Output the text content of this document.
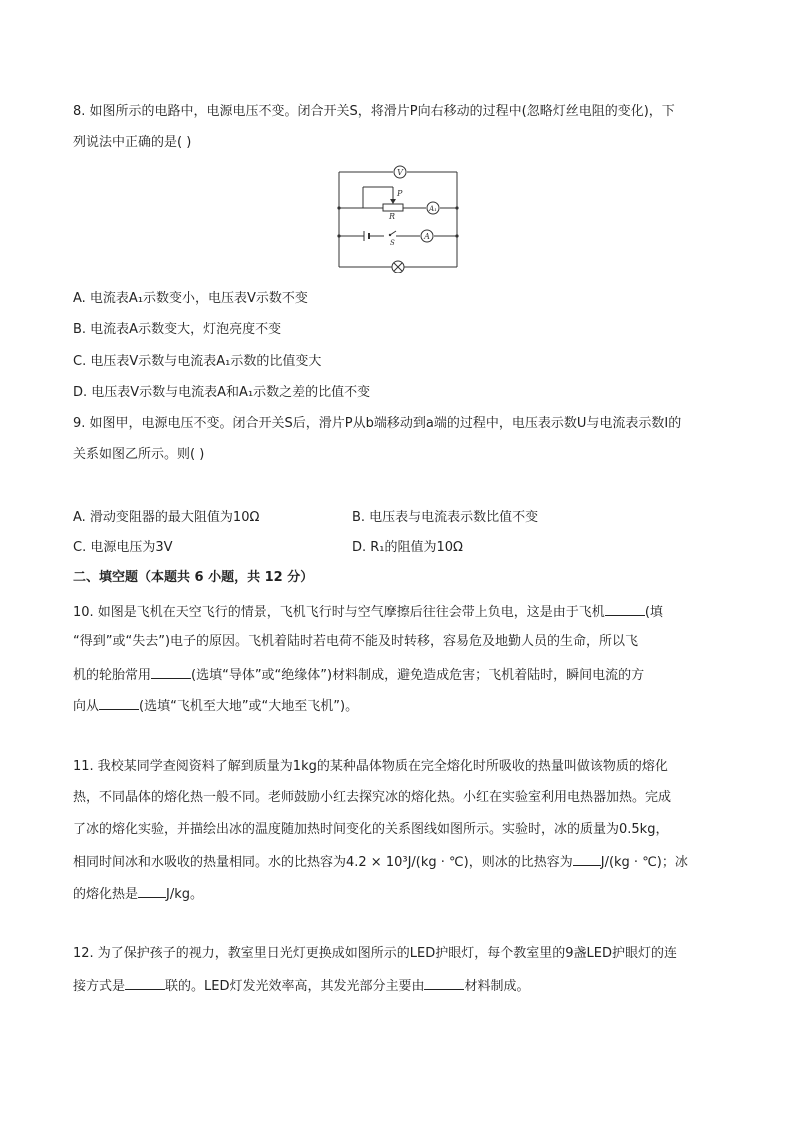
8. 如图所示的电路中，电源电压不变。闭合开关S，将滑片P向右移动的过程中(忽略灯丝电阻的变化)，下
列说法中正确的是( )
V
A₁
A
P
R
S
A. 电流表A₁示数变小，电压表V示数不变
B. 电流表A示数变大，灯泡亮度不变
C. 电压表V示数与电流表A₁示数的比值变大
D. 电压表V示数与电流表A和A₁示数之差的比值不变
9. 如图甲，电源电压不变。闭合开关S后，滑片P从b端移动到a端的过程中，电压表示数U与电流表示数I的
关系如图乙所示。则( )
A. 滑动变阻器的最大阻值为10Ω	B. 电压表与电流表示数比值不变
C. 电源电压为3V	D. R₁的阻值为10Ω
二、填空题（本题共 6 小题，共 12 分）
10. 如图是飞机在天空飞行的情景，飞机飞行时与空气摩擦后往往会带上负电，这是由于飞机	(填
“得到”或“失去”)电子的原因。飞机着陆时若电荷不能及时转移，容易危及地勤人员的生命，所以飞
机的轮胎常用	(选填“导体”或“绝缘体”)材料制成，避免造成危害；飞机着陆时，瞬间电流的方
向从	(选填“飞机至大地”或“大地至飞机”)。
11. 我校某同学查阅资料了解到质量为1kg的某种晶体物质在完全熔化时所吸收的热量叫做该物质的熔化
热，不同晶体的熔化热一般不同。老师鼓励小红去探究冰的熔化热。小红在实验室利用电热器加热。完成
了冰的熔化实验，并描绘出冰的温度随加热时间变化的关系图线如图所示。实验时，冰的质量为0.5kg，
相同时间冰和水吸收的热量相同。水的比热容为4.2 × 10³J/(kg · ℃)，则冰的比热容为 J/(kg · ℃)；冰
的熔化热是 J/kg。
12. 为了保护孩子的视力，教室里日光灯更换成如图所示的LED护眼灯，每个教室里的9盏LED护眼灯的连
接方式是	联的。LED灯发光效率高，其发光部分主要由	材料制成。
